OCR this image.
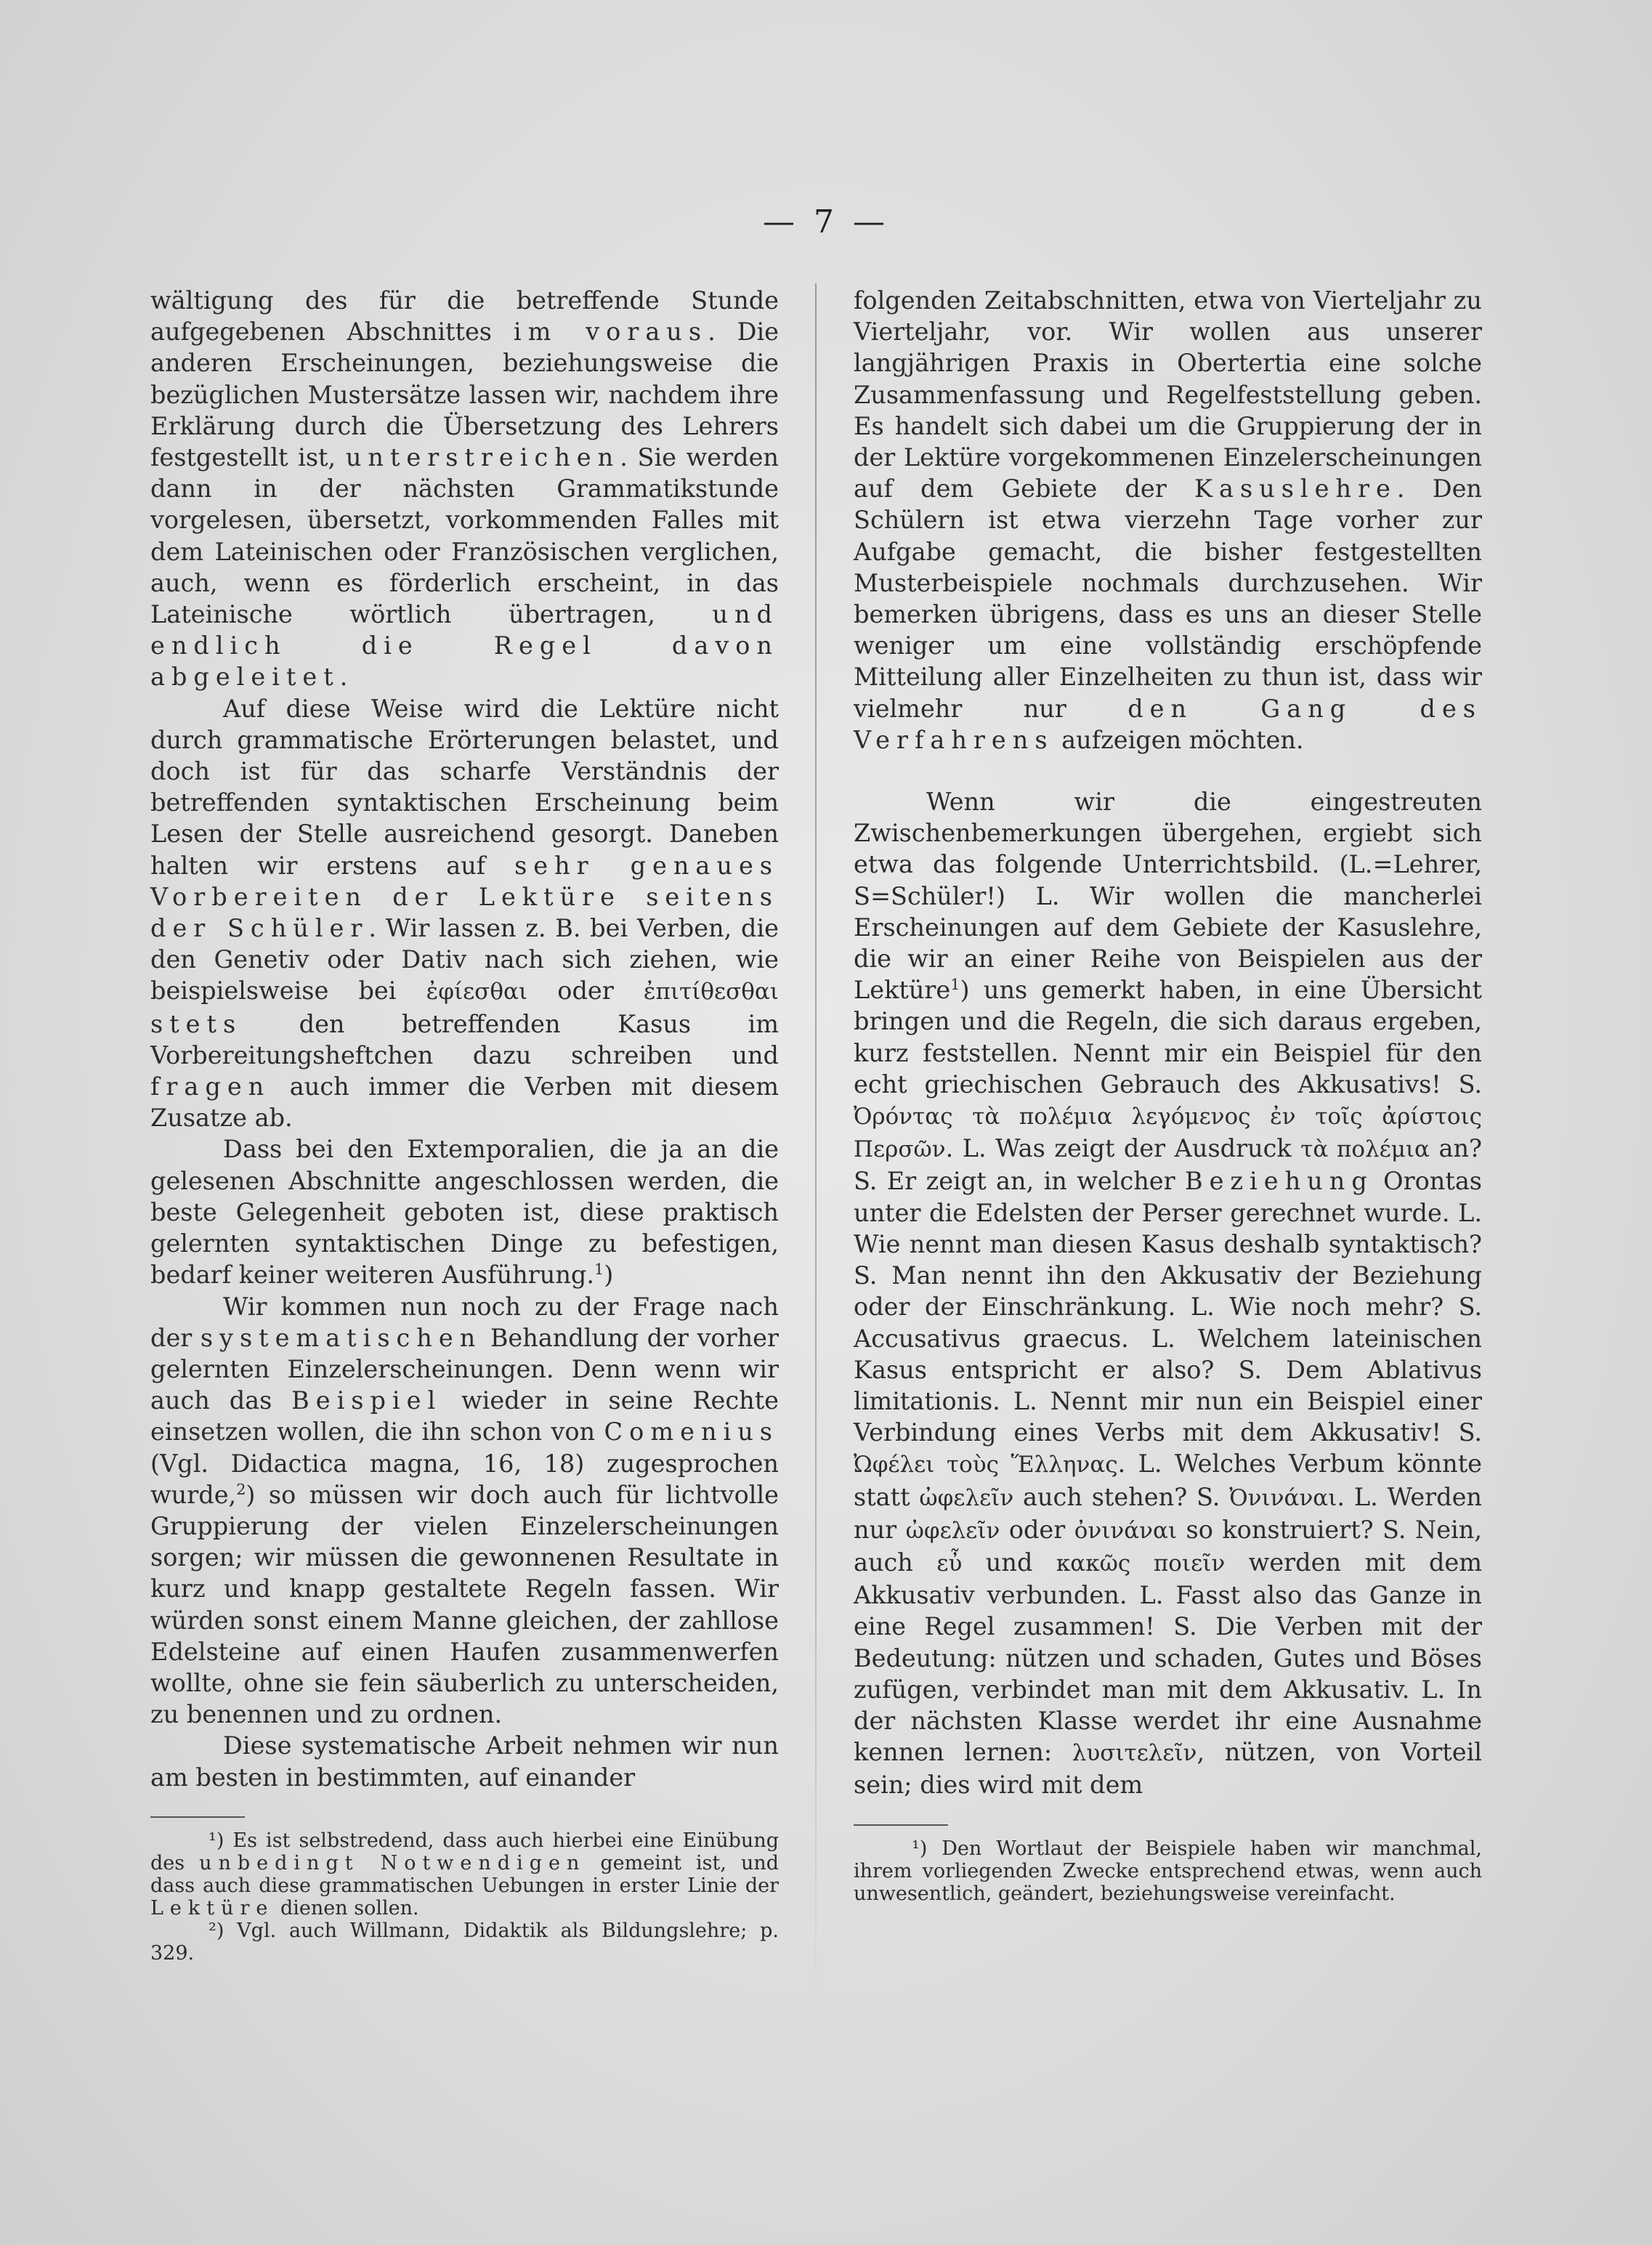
— 7 —

wältigung des für die betreffende Stunde aufgegebenen Abschnittes im voraus. Die anderen Erscheinungen, beziehungsweise die bezüglichen Mustersätze lassen wir, nachdem ihre Erklärung durch die Übersetzung des Lehrers festgestellt ist, unterstreichen. Sie werden dann in der nächsten Grammatikstunde vorgelesen, übersetzt, vorkommenden Falles mit dem Lateinischen oder Französischen verglichen, auch, wenn es förderlich erscheint, in das Lateinische wörtlich übertragen, und endlich die Regel davon abgeleitet.

Auf diese Weise wird die Lektüre nicht durch grammatische Erörterungen belastet, und doch ist für das scharfe Verständnis der betreffenden syntaktischen Erscheinung beim Lesen der Stelle ausreichend gesorgt. Daneben halten wir erstens auf sehr genaues Vorbereiten der Lektüre seitens der Schüler. Wir lassen z. B. bei Verben, die den Genetiv oder Dativ nach sich ziehen, wie beispielsweise bei ἐφίεσθαι oder ἐπιτίθεσθαι stets den betreffenden Kasus im Vorbereitungsheftchen dazu schreiben und fragen auch immer die Verben mit diesem Zusatze ab.

Dass bei den Extemporalien, die ja an die gelesenen Abschnitte angeschlossen werden, die beste Gelegenheit geboten ist, diese praktisch gelernten syntaktischen Dinge zu befestigen, bedarf keiner weiteren Ausführung.$^1$)

Wir kommen nun noch zu der Frage nach der systematischen Behandlung der vorher gelernten Einzelerscheinungen. Denn wenn wir auch das Beispiel wieder in seine Rechte einsetzen wollen, die ihn schon von Comenius (Vgl. Didactica magna, 16, 18) zugesprochen wurde,$^2$) so müssen wir doch auch für lichtvolle Gruppierung der vielen Einzelerscheinungen sorgen; wir müssen die gewonnenen Resultate in kurz und knapp gestaltete Regeln fassen. Wir würden sonst einem Manne gleichen, der zahllose Edelsteine auf einen Haufen zusammenwerfen wollte, ohne sie fein säuberlich zu unterscheiden, zu benennen und zu ordnen.

Diese systematische Arbeit nehmen wir nun am besten in bestimmten, auf einander

¹) Es ist selbstredend, dass auch hierbei eine Einübung des unbedingt Notwendigen gemeint ist, und dass auch diese grammatischen Uebungen in erster Linie der Lektüre dienen sollen.

²) Vgl. auch Willmann, Didaktik als Bildungslehre; p. 329.

folgenden Zeitabschnitten, etwa von Vierteljahr zu Vierteljahr, vor. Wir wollen aus unserer langjährigen Praxis in Obertertia eine solche Zusammenfassung und Regelfeststellung geben. Es handelt sich dabei um die Gruppierung der in der Lektüre vorgekommenen Einzelerscheinungen auf dem Gebiete der Kasuslehre. Den Schülern ist etwa vierzehn Tage vorher zur Aufgabe gemacht, die bisher festgestellten Musterbeispiele nochmals durchzusehen. Wir bemerken übrigens, dass es uns an dieser Stelle weniger um eine vollständig erschöpfende Mitteilung aller Einzelheiten zu thun ist, dass wir vielmehr nur den Gang des Verfahrens aufzeigen möchten.

Wenn wir die eingestreuten Zwischenbemerkungen übergehen, ergiebt sich etwa das folgende Unterrichtsbild. (L.=Lehrer, S=Schüler!) L. Wir wollen die mancherlei Erscheinungen auf dem Gebiete der Kasuslehre, die wir an einer Reihe von Beispielen aus der Lektüre$^1$) uns gemerkt haben, in eine Übersicht bringen und die Regeln, die sich daraus ergeben, kurz feststellen. Nennt mir ein Beispiel für den echt griechischen Gebrauch des Akkusativs! S. Ὀρόντας τὰ πολέμια λεγόμενος ἐν τοῖς ἀρίστοις Περσῶν. L. Was zeigt der Ausdruck τὰ πολέμια an? S. Er zeigt an, in welcher Beziehung Orontas unter die Edelsten der Perser gerechnet wurde. L. Wie nennt man diesen Kasus deshalb syntaktisch? S. Man nennt ihn den Akkusativ der Beziehung oder der Einschränkung. L. Wie noch mehr? S. Accusativus graecus. L. Welchem lateinischen Kasus entspricht er also? S. Dem Ablativus limitationis. L. Nennt mir nun ein Beispiel einer Verbindung eines Verbs mit dem Akkusativ! S. Ὠφέλει τοὺς Ἕλληνας. L. Welches Verbum könnte statt ὠφελεῖν auch stehen? S. Ὀνινάναι. L. Werden nur ὠφελεῖν oder ὀνινάναι so konstruiert? S. Nein, auch εὖ und κακῶς ποιεῖν werden mit dem Akkusativ verbunden. L. Fasst also das Ganze in eine Regel zusammen! S. Die Verben mit der Bedeutung: nützen und schaden, Gutes und Böses zufügen, verbindet man mit dem Akkusativ. L. In der nächsten Klasse werdet ihr eine Ausnahme kennen lernen: λυσιτελεῖν, nützen, von Vorteil sein; dies wird mit dem

¹) Den Wortlaut der Beispiele haben wir manchmal, ihrem vorliegenden Zwecke entsprechend etwas, wenn auch unwesentlich, geändert, beziehungsweise vereinfacht.
